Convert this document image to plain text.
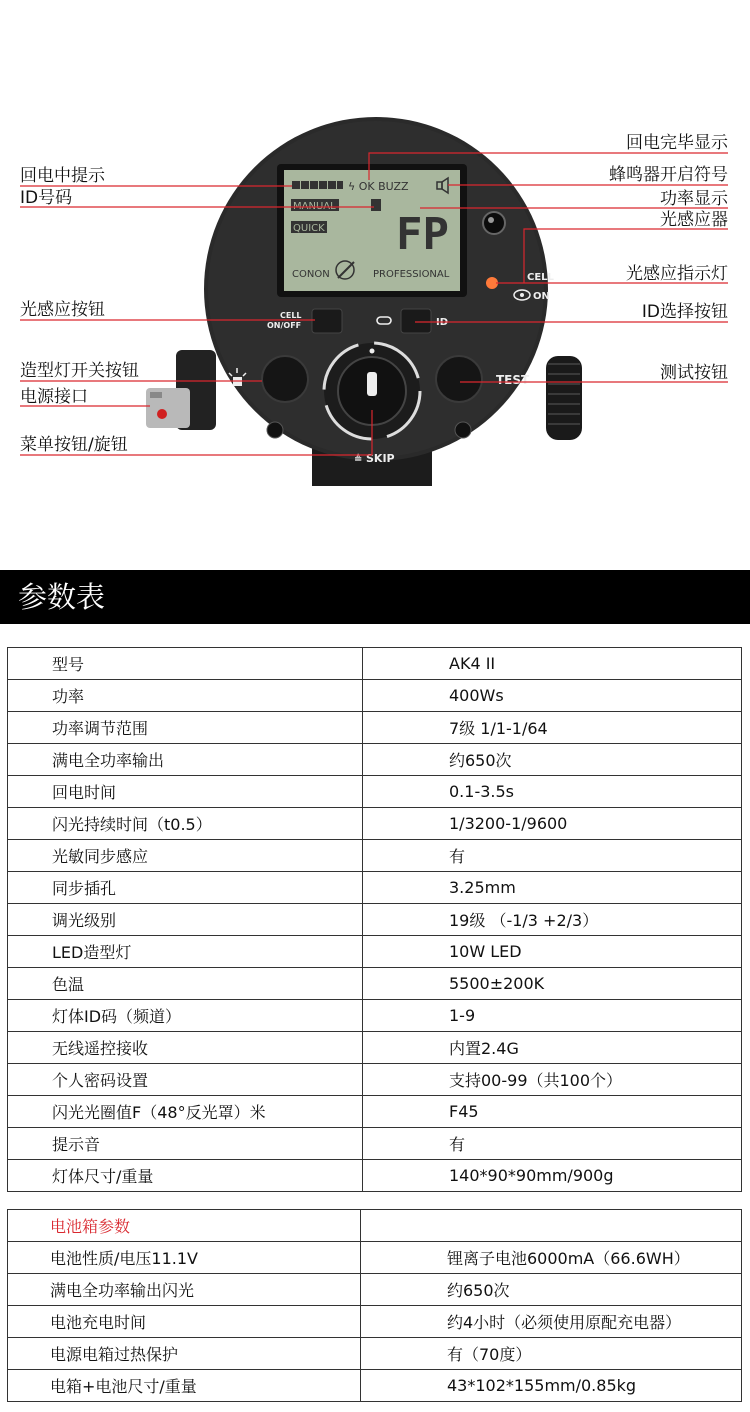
ϟ OK BUZZ
MANUAL
QUICK FP
CONON	PROFESSIONAL	CELL
ON
CELL
ON/OFF	ID
TEST
≙ SKIP
回电中提示
ID号码
光感应按钮
造型灯开关按钮
电源接口
菜单按钮/旋钮
回电完毕显示
蜂鸣器开启符号
功率显示
光感应器
光感应指示灯
ID选择按钮
测试按钮
参数表
型号	AK4 II
功率	400Ws
功率调节范围	7级 1/1-1/64
满电全功率输出	约650次
回电时间	0.1-3.5s
闪光持续时间（t0.5）	1/3200-1/9600
光敏同步感应	有
同步插孔	3.25mm
调光级别	19级 （-1/3 +2/3）
LED造型灯	10W LED
色温	5500±200K
灯体ID码（频道）	1-9
无线遥控接收	内置2.4G
个人密码设置	支持00-99（共100个）
闪光光圈值F（48°反光罩）米	F45
提示音	有
灯体尺寸/重量	140*90*90mm/900g
电池箱参数	
电池性质/电压11.1V	锂离子电池6000mA（66.6WH）
满电全功率输出闪光	约650次
电池充电时间	约4小时（必须使用原配充电器）
电源电箱过热保护	有（70度）
电箱+电池尺寸/重量	43*102*155mm/0.85kg
